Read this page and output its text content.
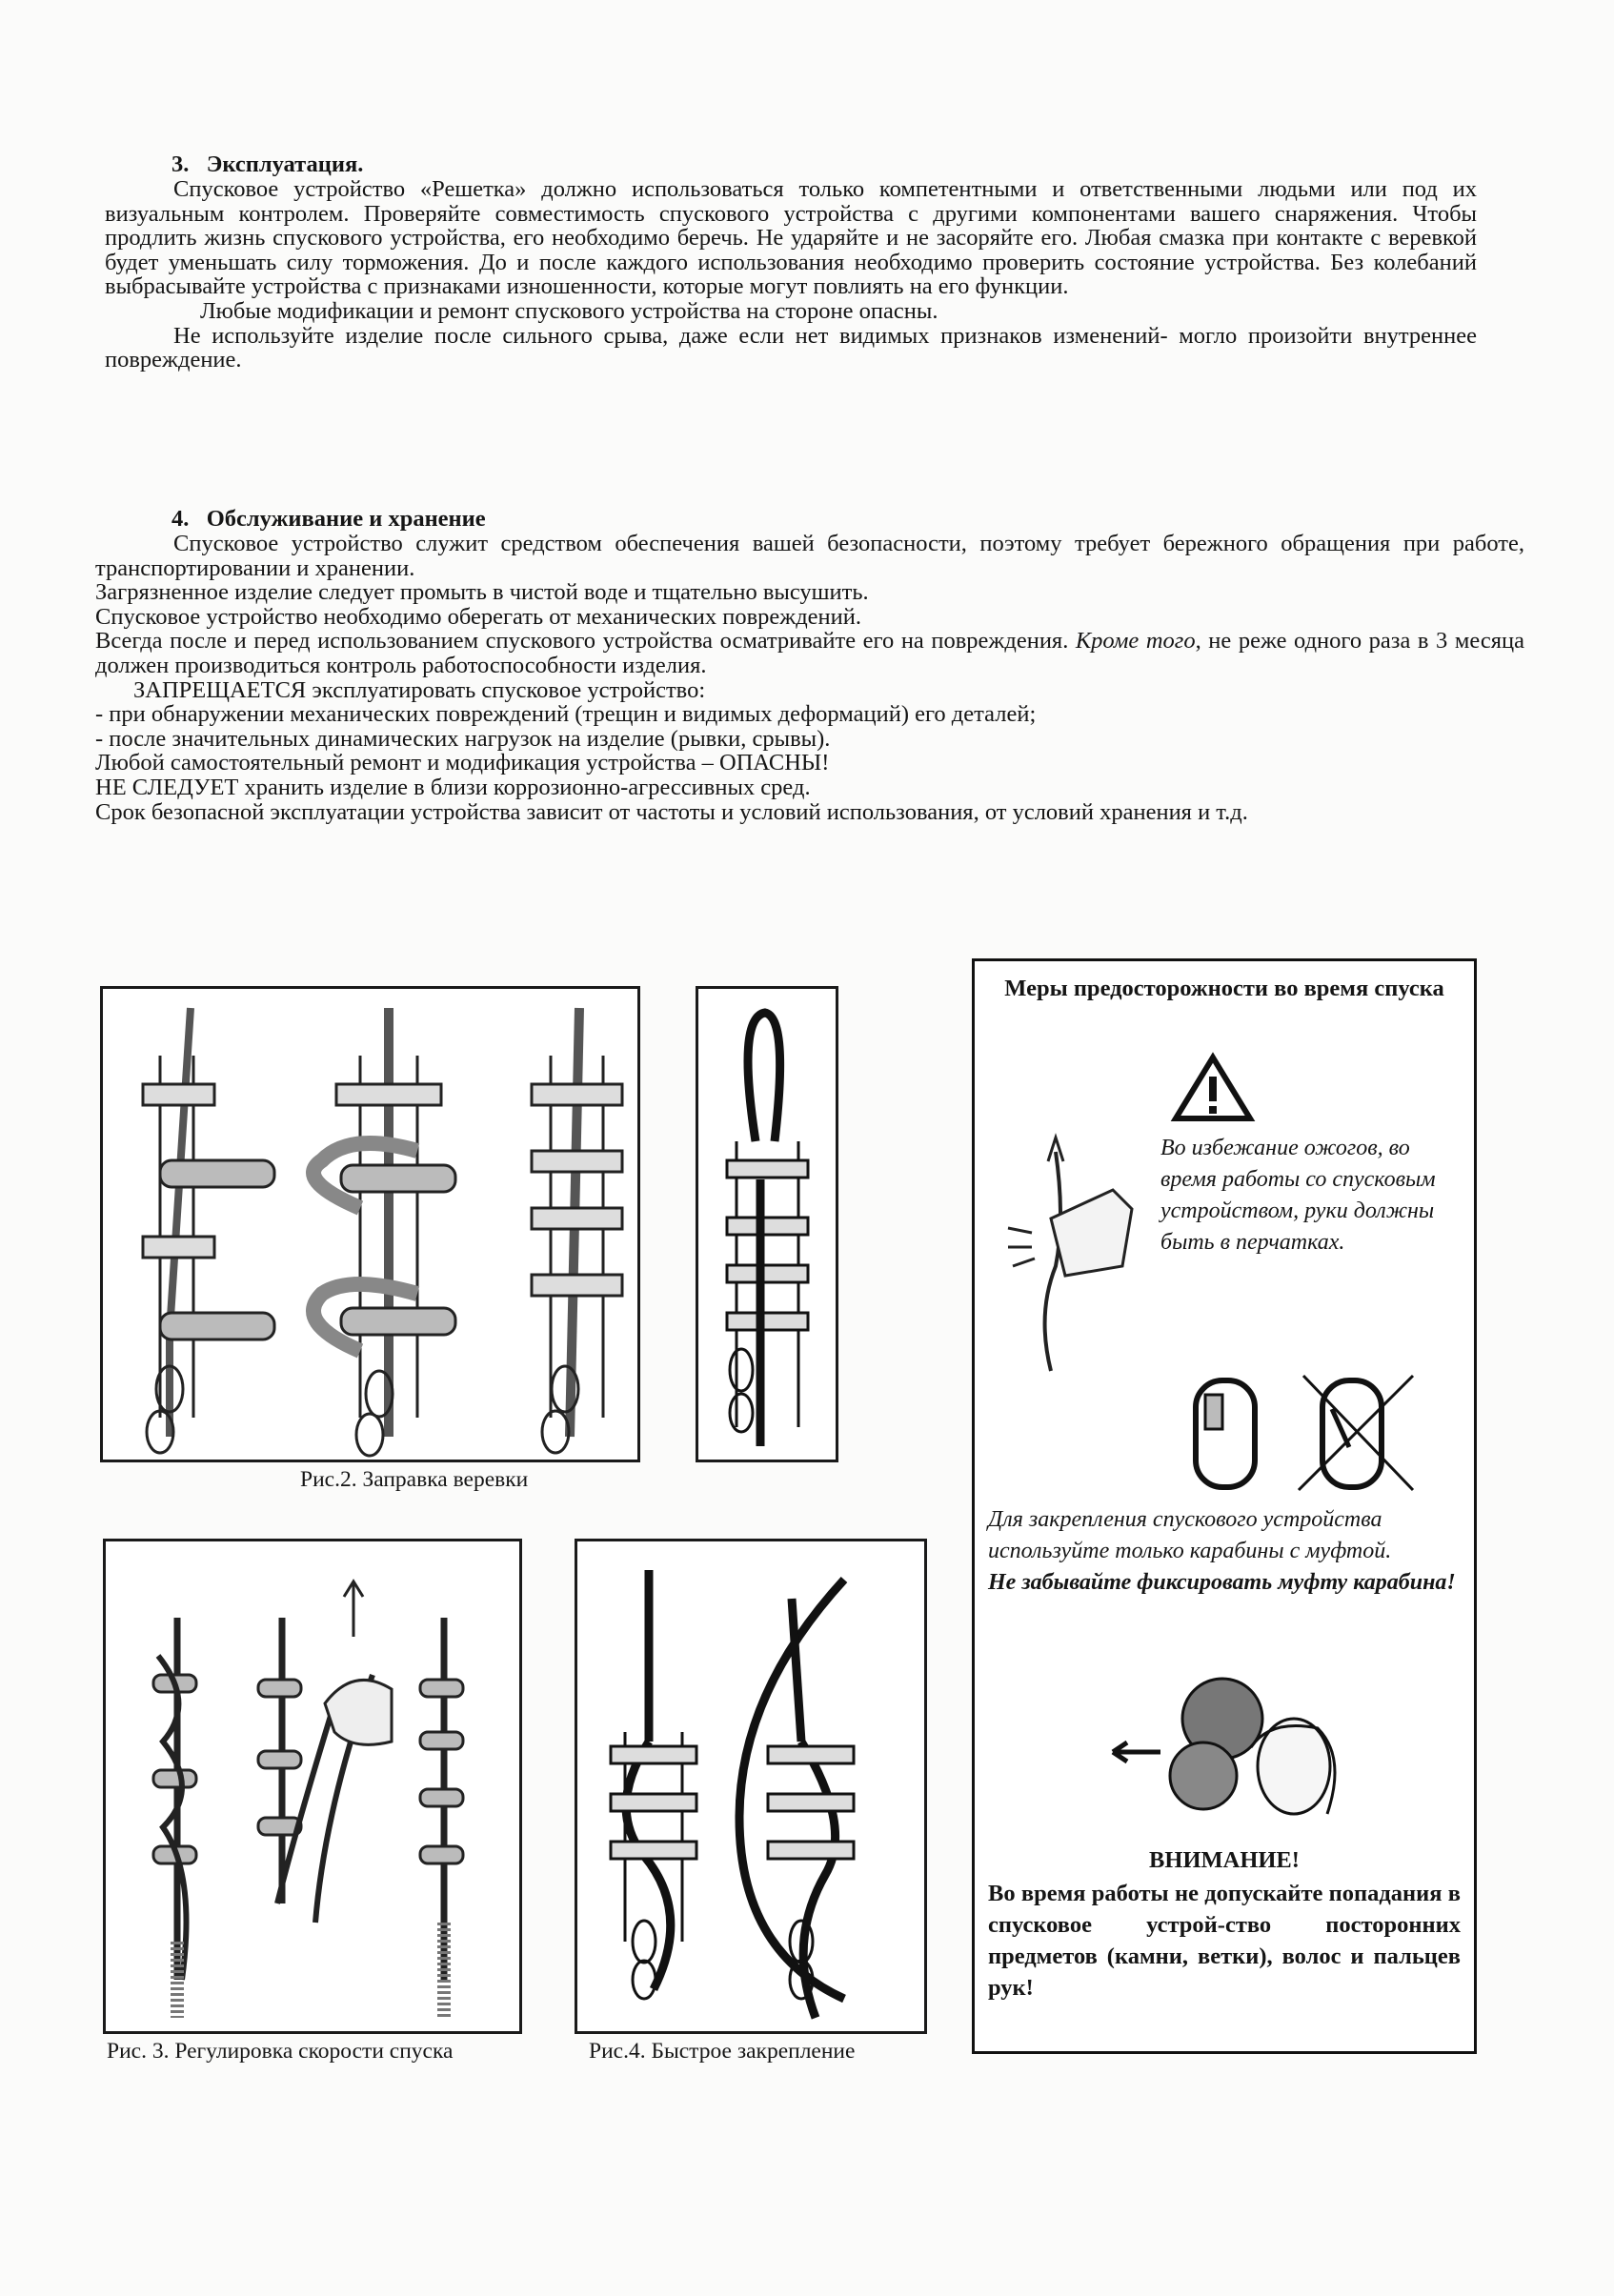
3.   Эксплуатация.

Спусковое устройство «Решетка» должно использоваться только компетентными и ответственными людьми или под их визуальным контролем. Проверяйте совместимость спускового устройства с другими компонентами вашего снаряжения. Чтобы продлить жизнь спускового устройства, его необходимо беречь. Не ударяйте и не засоряйте его. Любая смазка при контакте с веревкой будет уменьшать силу торможения. До и после каждого использования необходимо проверить состояние устройства. Без колебаний выбрасывайте устройства с признаками изношенности, которые могут повлиять на его функции.

Любые модификации и ремонт спускового устройства на стороне опасны.

Не используйте изделие после сильного срыва, даже если нет видимых признаков изменений- могло произойти внутреннее повреждение.

4.   Обслуживание и хранение

Спусковое устройство служит средством обеспечения вашей безопасности, поэтому требует бережного обращения при работе, транспортировании и хранении.

Загрязненное изделие следует промыть в чистой воде и тщательно высушить.

Спусковое устройство необходимо оберегать от механических повреждений.

Всегда после и перед использованием спускового устройства осматривайте его на повреждения. Кроме того, не реже одного раза в 3 месяца должен производиться контроль работоспособности изделия.

ЗАПРЕЩАЕТСЯ эксплуатировать спусковое устройство:

- при обнаружении механических повреждений (трещин и видимых деформаций) его деталей;

- после значительных динамических нагрузок на изделие (рывки, срывы).

Любой самостоятельный ремонт и модификация устройства – ОПАСНЫ!

НЕ СЛЕДУЕТ хранить изделие в близи коррозионно-агрессивных сред.

Срок безопасной эксплуатации устройства зависит от частоты и условий использования, от условий хранения и т.д.

Рис.2. Заправка веревки
Рис. 3. Регулировка скорости спуска	Рис.4. Быстрое закрепление
Меры предосторожности во время спуска
Во избежание ожогов, во время работы со спусковым устройством, руки должны быть в перчатках.
Для закрепления спускового устройства используйте только карабины с муфтой.
Не забывайте фиксировать муфту карабина!
ВНИМАНИЕ!
Во время работы не допускайте попадания в спусковое устрой-ство посторонних предметов (камни, ветки), волос и пальцев рук!
